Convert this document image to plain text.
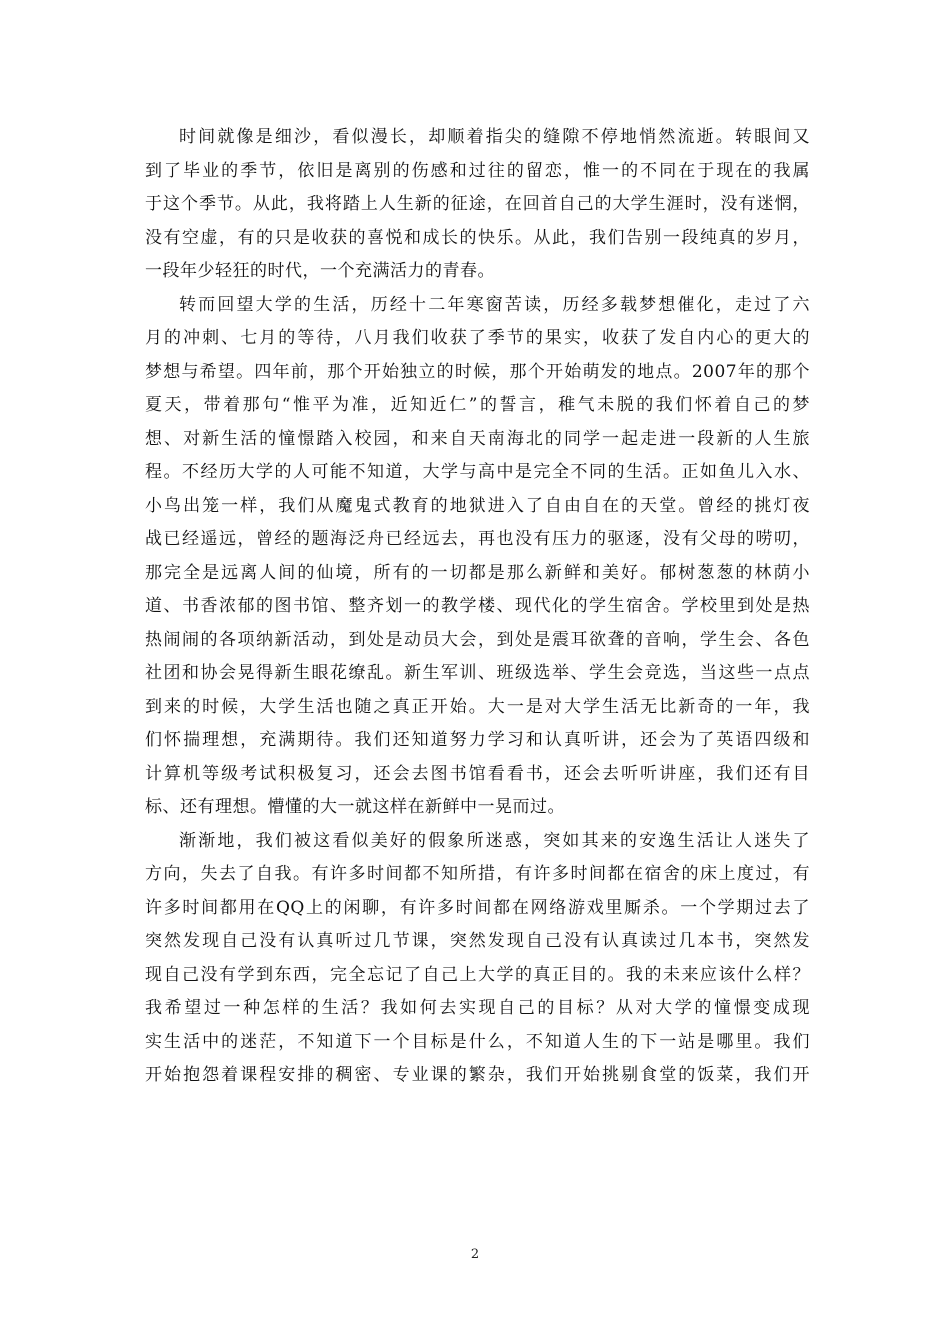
时间就像是细沙，看似漫长，却顺着指尖的缝隙不停地悄然流逝。转眼间又
到了毕业的季节，依旧是离别的伤感和过往的留恋，惟一的不同在于现在的我属
于这个季节。从此，我将踏上人生新的征途，在回首自己的大学生涯时，没有迷惘，
没有空虚，有的只是收获的喜悦和成长的快乐。从此，我们告别一段纯真的岁月，
一段年少轻狂的时代，一个充满活力的青春。
转而回望大学的生活，历经十二年寒窗苦读，历经多载梦想催化，走过了六
月的冲刺、七月的等待，八月我们收获了季节的果实，收获了发自内心的更大的
梦想与希望。四年前，那个开始独立的时候，那个开始萌发的地点。2007年的那个
夏天，带着那句“惟平为准，近知近仁”的誓言，稚气未脱的我们怀着自己的梦
想、对新生活的憧憬踏入校园，和来自天南海北的同学一起走进一段新的人生旅
程。不经历大学的人可能不知道，大学与高中是完全不同的生活。正如鱼儿入水、
小鸟出笼一样，我们从魔鬼式教育的地狱进入了自由自在的天堂。曾经的挑灯夜
战已经遥远，曾经的题海泛舟已经远去，再也没有压力的驱逐，没有父母的唠叨，
那完全是远离人间的仙境，所有的一切都是那么新鲜和美好。郁树葱葱的林荫小
道、书香浓郁的图书馆、整齐划一的教学楼、现代化的学生宿舍。学校里到处是热
热闹闹的各项纳新活动，到处是动员大会，到处是震耳欲聋的音响，学生会、各色
社团和协会晃得新生眼花缭乱。新生军训、班级选举、学生会竞选，当这些一点点
到来的时候，大学生活也随之真正开始。大一是对大学生活无比新奇的一年，我
们怀揣理想，充满期待。我们还知道努力学习和认真听讲，还会为了英语四级和
计算机等级考试积极复习，还会去图书馆看看书，还会去听听讲座，我们还有目
标、还有理想。懵懂的大一就这样在新鲜中一晃而过。
渐渐地，我们被这看似美好的假象所迷惑，突如其来的安逸生活让人迷失了
方向，失去了自我。有许多时间都不知所措，有许多时间都在宿舍的床上度过，有
许多时间都用在QQ上的闲聊，有许多时间都在网络游戏里厮杀。一个学期过去了
突然发现自己没有认真听过几节课，突然发现自己没有认真读过几本书，突然发
现自己没有学到东西，完全忘记了自己上大学的真正目的。我的未来应该什么样？
我希望过一种怎样的生活？我如何去实现自己的目标？从对大学的憧憬变成现
实生活中的迷茫，不知道下一个目标是什么，不知道人生的下一站是哪里。我们
开始抱怨着课程安排的稠密、专业课的繁杂，我们开始挑剔食堂的饭菜，我们开
2
